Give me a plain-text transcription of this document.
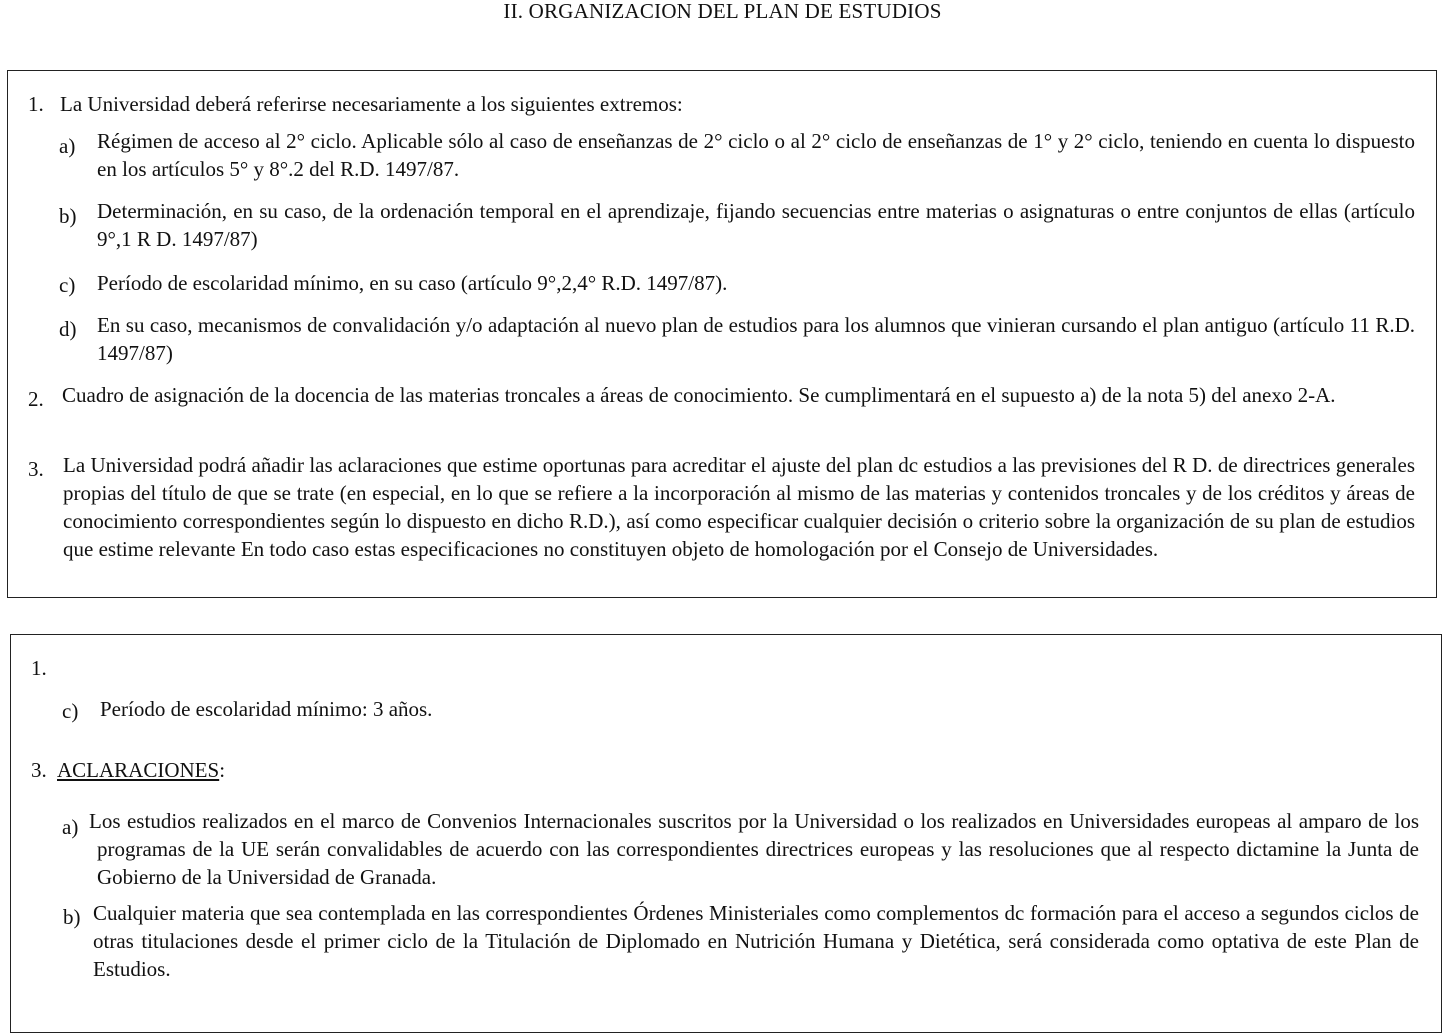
II. ORGANIZACION DEL PLAN DE ESTUDIOS
1. La Universidad deberá referirse necesariamente a los siguientes extremos:
a) Régimen de acceso al 2° ciclo. Aplicable sólo al caso de enseñanzas de 2° ciclo o al 2° ciclo de enseñanzas de 1° y 2° ciclo, teniendo en cuenta lo dispuesto en los artículos 5° y 8°.2 del R.D. 1497/87.
b) Determinación, en su caso, de la ordenación temporal en el aprendizaje, fijando secuencias entre materias o asignaturas o entre conjuntos de ellas (artículo 9°,1 R D. 1497/87)
c) Período de escolaridad mínimo, en su caso (artículo 9°,2,4° R.D. 1497/87).
d) En su caso, mecanismos de convalidación y/o adaptación al nuevo plan de estudios para los alumnos que vinieran cursando el plan antiguo (artículo 11 R.D. 1497/87)
2. Cuadro de asignación de la docencia de las materias troncales a áreas de conocimiento. Se cumplimentará en el supuesto a) de la nota 5) del anexo 2-A.
3. La Universidad podrá añadir las aclaraciones que estime oportunas para acreditar el ajuste del plan dc estudios a las previsiones del R D. de directrices generales propias del título de que se trate (en especial, en lo que se refiere a la incorporación al mismo de las materias y contenidos troncales y de los créditos y áreas de conocimiento correspondientes según lo dispuesto en dicho R.D.), así como especificar cualquier decisión o criterio sobre la organización de su plan de estudios que estime relevante En todo caso estas especificaciones no constituyen objeto de homologación por el Consejo de Universidades.
1.
c) Período de escolaridad mínimo: 3 años.
3. ACLARACIONES:
a) Los estudios realizados en el marco de Convenios Internacionales suscritos por la Universidad o los realizados en Universidades europeas al amparo de los programas de la UE serán convalidables de acuerdo con las correspondientes directrices europeas y las resoluciones que al respecto dictamine la Junta de Gobierno de la Universidad de Granada.
b) Cualquier materia que sea contemplada en las correspondientes Órdenes Ministeriales como complementos dc formación para el acceso a segundos ciclos de otras titulaciones desde el primer ciclo de la Titulación de Diplomado en Nutrición Humana y Dietética, será considerada como optativa de este Plan de Estudios.
